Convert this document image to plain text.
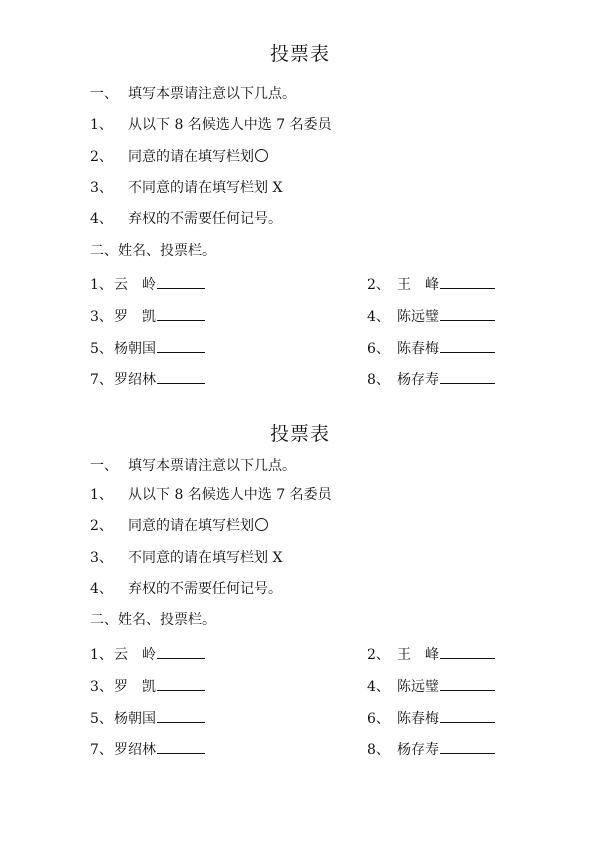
投票表
一、 填写本票请注意以下几点。
1、 从以下 8 名候选人中选 7 名委员
2、 同意的请在填写栏划
3、 不同意的请在填写栏划 X
4、 弃权的不需要任何记号。
二、姓名、投票栏。
1、云　岭	2、 王　峰
3、罗　凯	4、 陈远璧
5、杨朝国	6、 陈春梅
7、罗绍林	8、 杨存寿
投票表
一、 填写本票请注意以下几点。
1、 从以下 8 名候选人中选 7 名委员
2、 同意的请在填写栏划
3、 不同意的请在填写栏划 X
4、 弃权的不需要任何记号。
二、姓名、投票栏。
1、云　岭	2、 王　峰
3、罗　凯	4、 陈远璧
5、杨朝国	6、 陈春梅
7、罗绍林	8、 杨存寿
